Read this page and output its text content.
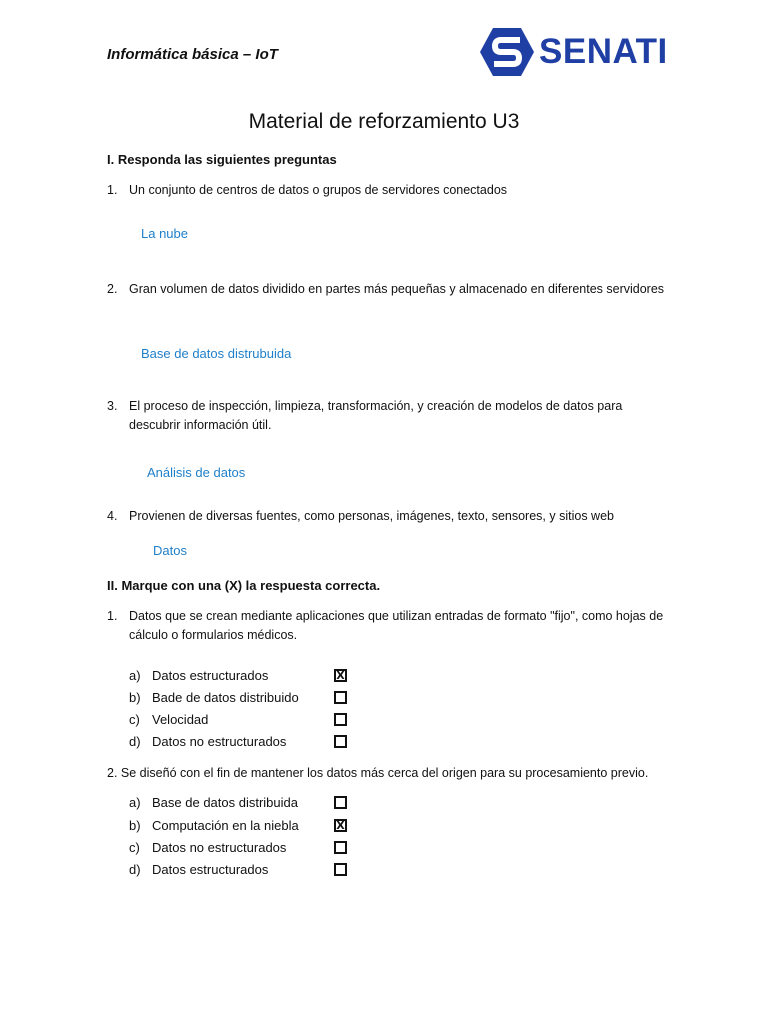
Informática básica – IoT	SENATI
Material de reforzamiento U3
I. Responda las siguientes preguntas
1. Un conjunto de centros de datos o grupos de servidores conectados
La nube
2. Gran volumen de datos dividido en partes más pequeñas y almacenado en diferentes servidores
Base de datos distrubuida
3. El proceso de inspección, limpieza, transformación, y creación de modelos de datos para descubrir información útil.
Análisis de datos
4. Provienen de diversas fuentes, como personas, imágenes, texto, sensores, y sitios web
Datos
II. Marque con una (X) la respuesta correcta.
1. Datos que se crean mediante aplicaciones que utilizan entradas de formato "fijo", como hojas de cálculo o formularios médicos.
a) Datos estructurados	X
b) Bade de datos distribuido
c) Velocidad
d) Datos no estructurados
2. Se diseñó con el fin de mantener los datos más cerca del origen para su procesamiento previo.
a) Base de datos distribuida
b) Computación en la niebla	X
c) Datos no estructurados
d) Datos estructurados
